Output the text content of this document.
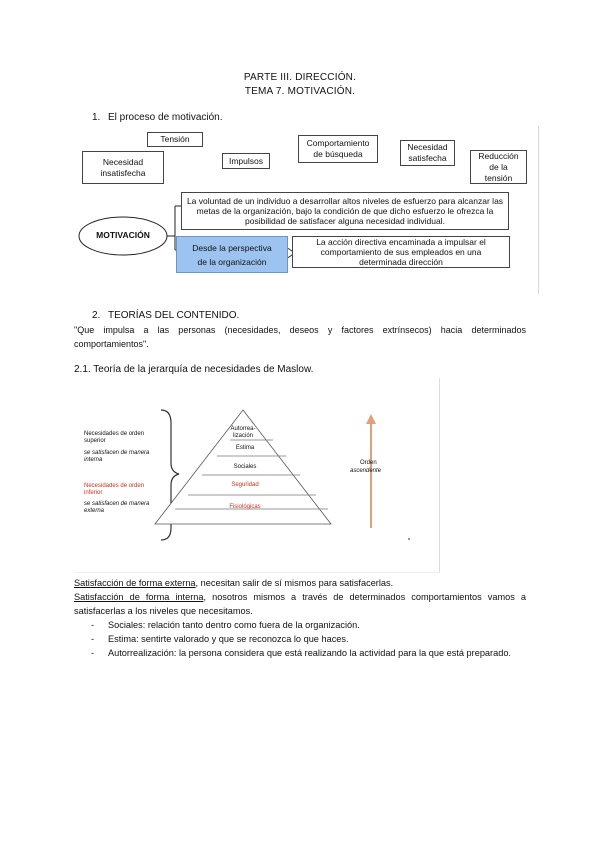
PARTE III. DIRECCIÓN.
TEMA 7. MOTIVACIÓN.
1. El proceso de motivación.
Necesidad insatisfecha
Tensión
Impulsos
Comportamiento de búsqueda
Necesidad satisfecha	Reducción de la tensión
MOTIVACIÓN
La voluntad de un individuo a desarrollar altos niveles de esfuerzo para alcanzar las metas de la organización, bajo la condición de que dicho esfuerzo le ofrezca la posibilidad de satisfacer alguna necesidad individual.
Desde la perspectiva de la organización
La acción directiva encaminada a impulsar el comportamiento de sus empleados en una determinada dirección
2. TEORÍAS DEL CONTENIDO.
"Que impulsa a las personas (necesidades, deseos y factores extrínsecos) hacia determinados comportamientos".
2.1. Teoría de la jerarquía de necesidades de Maslow.
Autorrea-lización
Estima
Sociales
Seguridad
Fisiológicas
Necesidades de orden superior
se satisfacen de manera interna
Necesidades de orden inferior
se satisfacen de manera externa
Orden
ascendente
Satisfacción de forma externa, necesitan salir de sí mismos para satisfacerlas.
Satisfacción de forma interna, nosotros mismos a través de determinados comportamientos vamos a satisfacerlas a los niveles que necesitamos.
- Sociales: relación tanto dentro como fuera de la organización.
- Estima: sentirte valorado y que se reconozca lo que haces.
- Autorrealización: la persona considera que está realizando la actividad para la que está preparado.
